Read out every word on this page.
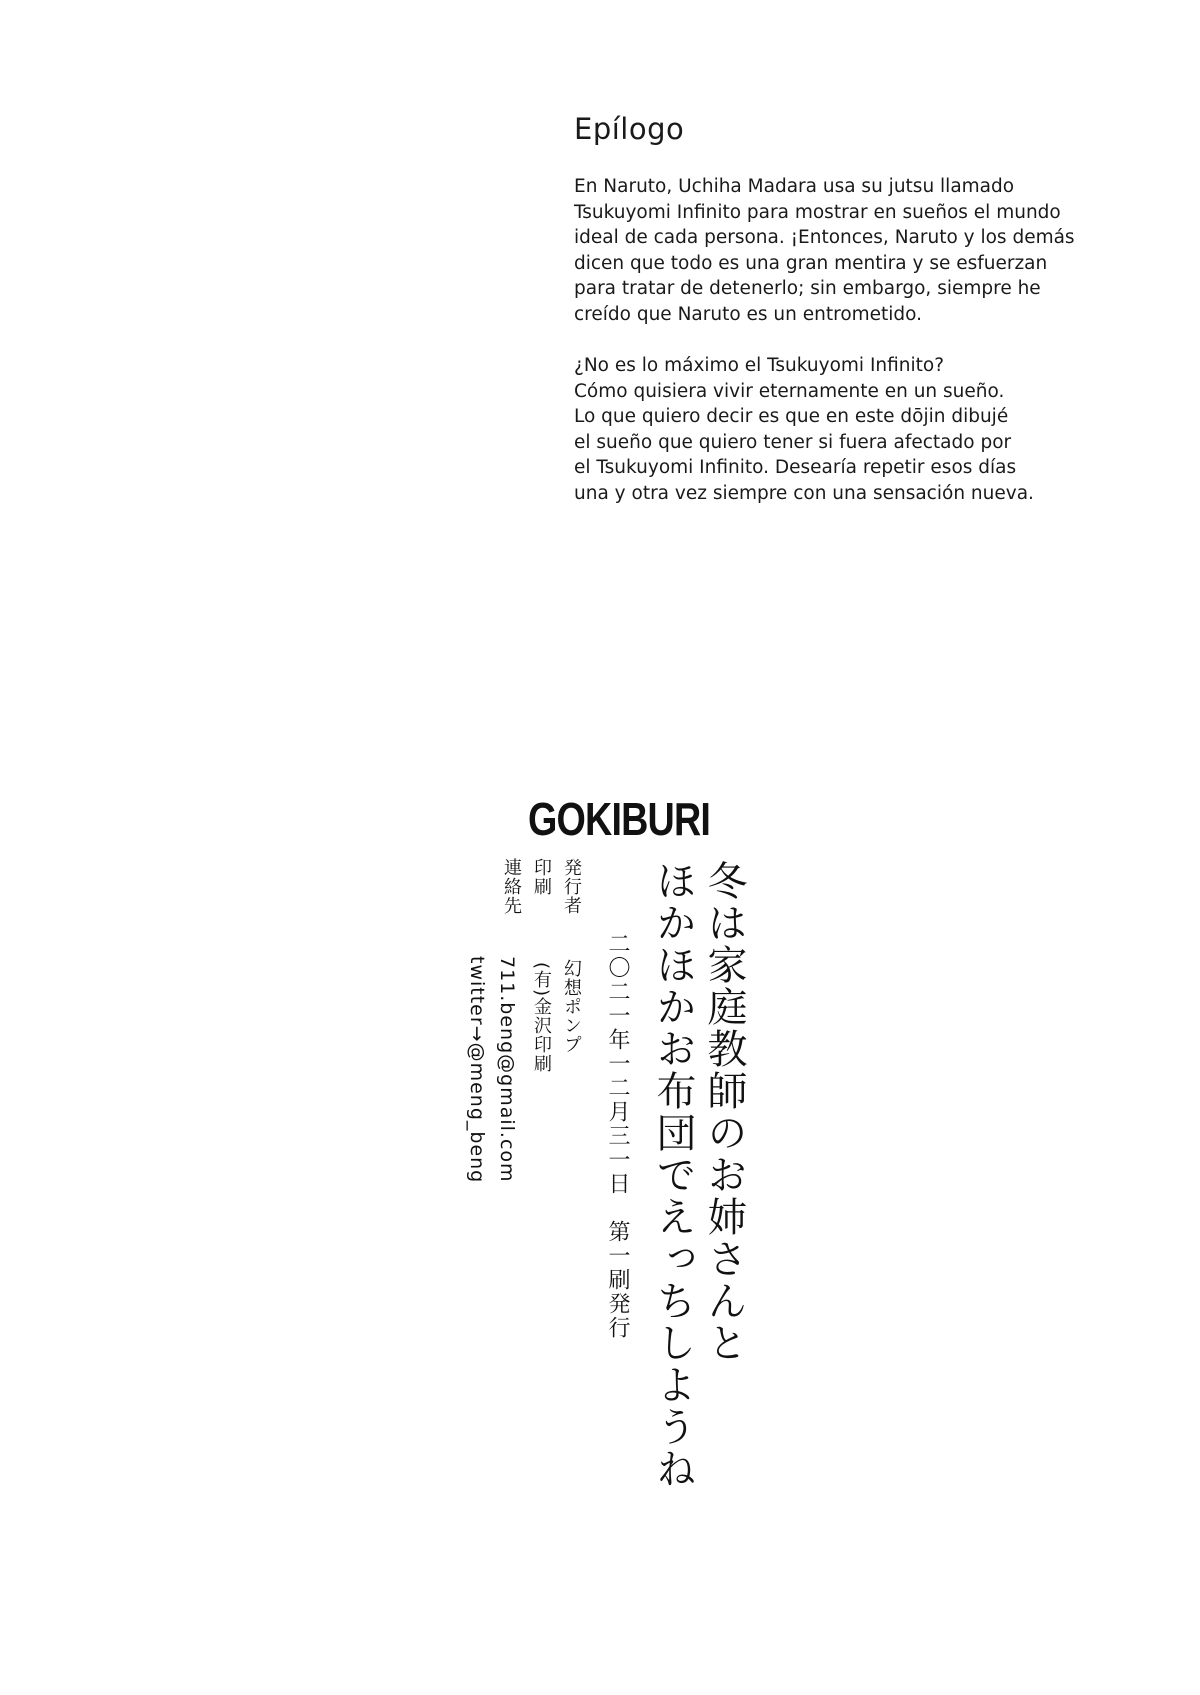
Epílogo

En Naruto, Uchiha Madara usa su jutsu llamado
Tsukuyomi Infinito para mostrar en sueños el mundo
ideal de cada persona. ¡Entonces, Naruto y los demás
dicen que todo es una gran mentira y se esfuerzan
para tratar de detenerlo; sin embargo, siempre he
creído que Naruto es un entrometido.

¿No es lo máximo el Tsukuyomi Infinito?
Cómo quisiera vivir eternamente en un sueño.
Lo que quiero decir es que en este dōjin dibujé
el sueño que quiero tener si fuera afectado por
el Tsukuyomi Infinito. Desearía repetir esos días
una y otra vez siempre con una sensación nueva.

GOKIBURI
冬は家庭教師のお姉さんと
ほかほかお布団でえっちしようね
二〇二一年一二月三一日　第一刷発行
発行者幻想ポンプ
印刷(有)金沢印刷
連絡先
711.beng@gmail.com
twitter→@meng_beng
